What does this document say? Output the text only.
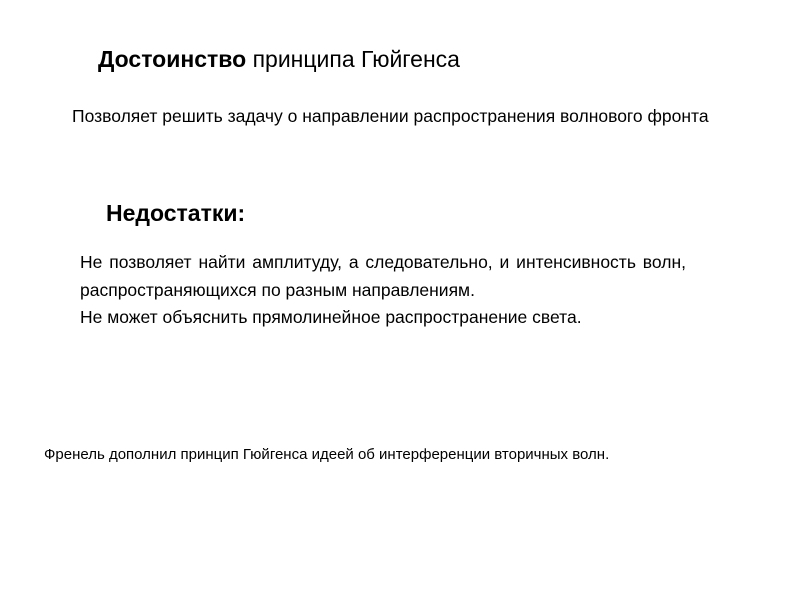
Достоинство принципа Гюйгенса
Позволяет решить задачу о направлении распространения волнового фронта
Недостатки:

Не позволяет найти амплитуду, а следовательно, и интенсивность волн, распространяющихся по разным направлениям.

Не может объяснить прямолинейное распространение света.

Френель дополнил принцип Гюйгенса идеей об интерференции вторичных волн.
